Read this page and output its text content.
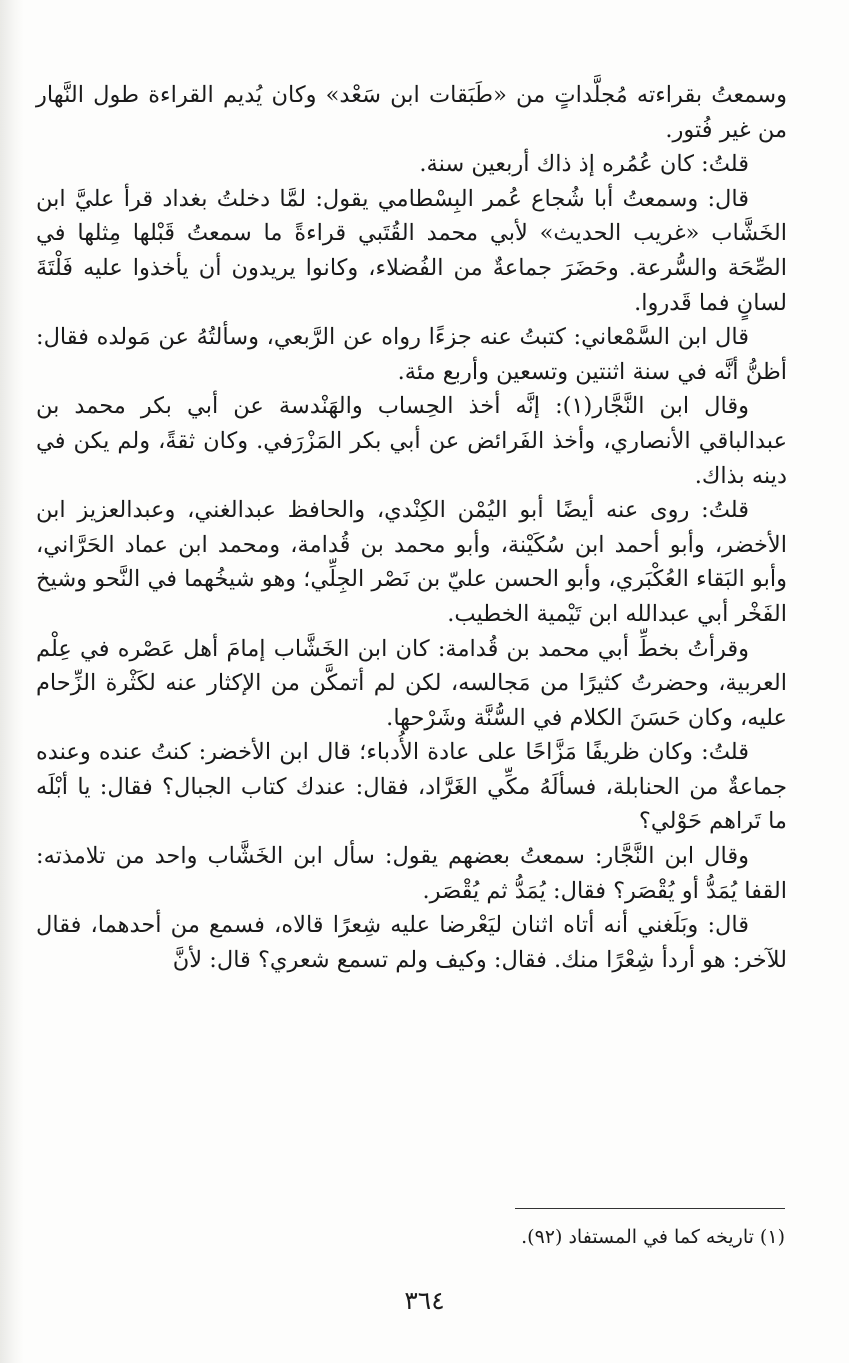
وسمعتُ بقراءته مُجلَّداتٍ من «طَبَقات ابن سَعْد» وكان يُديم القراءة طول النَّهار من غير فُتور.

قلتُ: كان عُمُره إذ ذاك أربعين سنة.

قال: وسمعتُ أبا شُجاع عُمر البِسْطامي يقول: لمَّا دخلتُ بغداد قرأ عليَّ ابن الخَشَّاب «غريب الحديث» لأبي محمد القُتَبي قراءةً ما سمعتُ قَبْلها مِثلها في الصِّحَة والسُّرعة. وحَضَرَ جماعةٌ من الفُضلاء، وكانوا يريدون أن يأخذوا عليه فَلْتَةَ لسانٍ فما قَدروا.

قال ابن السَّمْعاني: كتبتُ عنه جزءًا رواه عن الرَّبعي، وسألتُهُ عن مَولده فقال: أظنُّ أنَّه في سنة اثنتين وتسعين وأربع مئة.

وقال ابن النَّجَّار(١): إنَّه أخذ الحِساب والهَنْدسة عن أبي بكر محمد بن عبدالباقي الأنصاري، وأخذ الفَرائض عن أبي بكر المَزْرَفي. وكان ثقةً، ولم يكن في دينه بذاك.

قلتُ: روى عنه أيضًا أبو اليُمْن الكِنْدي، والحافظ عبدالغني، وعبدالعزيز ابن الأخضر، وأبو أحمد ابن سُكَيْنة، وأبو محمد بن قُدامة، ومحمد ابن عماد الحَرَّاني، وأبو البَقاء العُكْبَري، وأبو الحسن عليّ بن نَصْر الجِلِّي؛ وهو شيخُهما في النَّحو وشيخ الفَخْر أبي عبدالله ابن تَيْمية الخطيب.

وقرأتُ بخطِّ أبي محمد بن قُدامة: كان ابن الخَشَّاب إمامَ أهل عَصْره في عِلْم العربية، وحضرتُ كثيرًا من مَجالسه، لكن لم أتمكَّن من الإكثار عنه لكَثْرة الزِّحام عليه، وكان حَسَنَ الكلام في السُّنَّة وشَرْحها.

قلتُ: وكان ظريفًا مَزَّاحًا على عادة الأُدباء؛ قال ابن الأخضر: كنتُ عنده وعنده جماعةٌ من الحنابلة، فسألَهُ مكِّي الغَرَّاد، فقال: عندك كتاب الجبال؟ فقال: يا أبْلَه ما تَراهم حَوْلي؟

وقال ابن النَّجَّار: سمعتُ بعضهم يقول: سأل ابن الخَشَّاب واحد من تلامذته: القفا يُمَدُّ أو يُقْصَر؟ فقال: يُمَدُّ ثم يُقْصَر.

قال: وبَلَغني أنه أتاه اثنان ليَعْرضا عليه شِعرًا قالاه، فسمع من أحدهما، فقال للآخر: هو أردأ شِعْرًا منك. فقال: وكيف ولم تسمع شعري؟ قال: لأنَّ

(١) تاريخه كما في المستفاد (٩٢).
٣٦٤
